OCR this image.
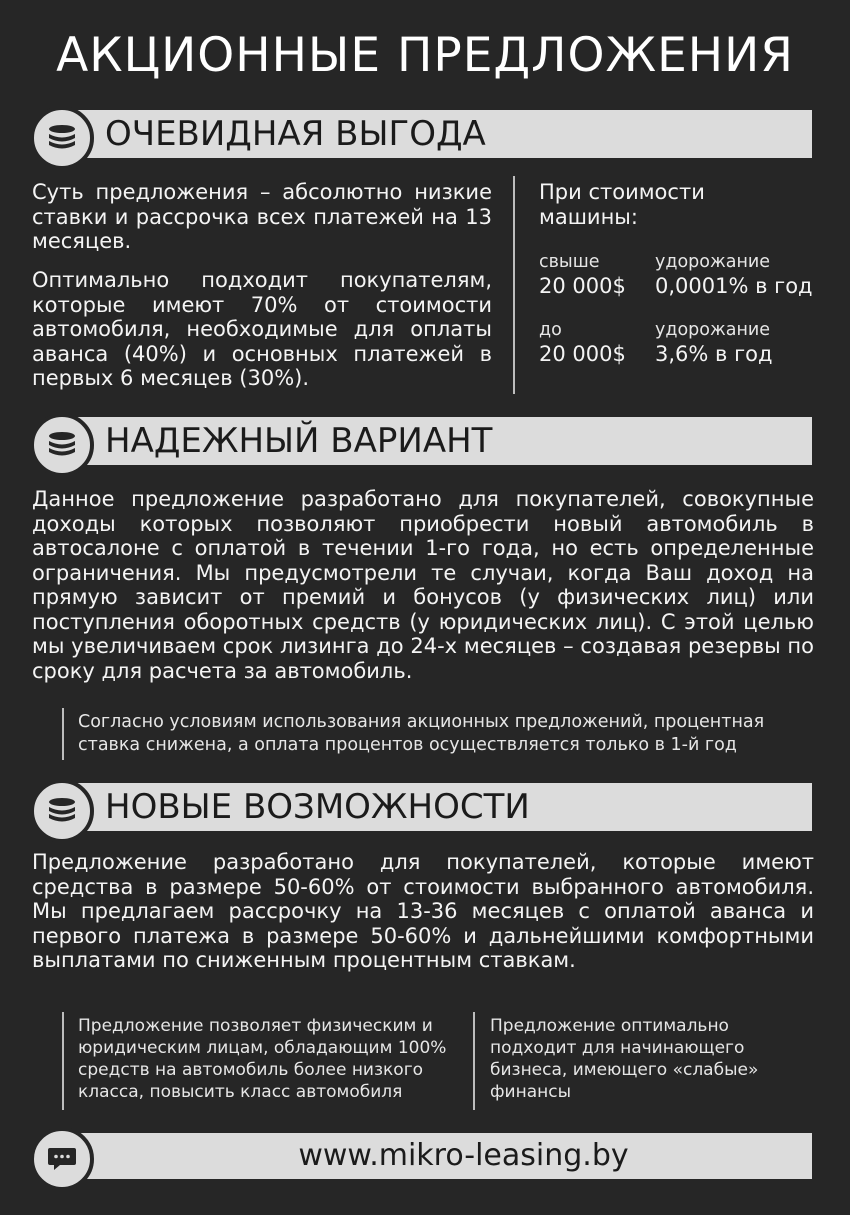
АКЦИОННЫЕ ПРЕДЛОЖЕНИЯ
ОЧЕВИДНАЯ ВЫГОДА

Суть предложения – абсолютно низкие ставки и рассрочка всех платежей на 13 месяцев.

Оптимально подходит покупателям, которые имеют 70% от стоимости автомобиля, необходимые для оплаты аванса (40%) и основных платежей в первых 6 месяцев (30%).

При стоимости машины:
свыше
20 000$
удорожание
0,0001% в год
до
20 000$
удорожание
3,6% в год
НАДЕЖНЫЙ ВАРИАНТ

Данное предложение разработано для покупателей, совокупные доходы которых позволяют приобрести новый автомобиль в автосалоне с оплатой в течении 1-го года, но есть определенные ограничения. Мы предусмотрели те случаи, когда Ваш доход на прямую зависит от премий и бонусов (у физических лиц) или поступления оборотных средств (у юридических лиц). С этой целью мы увеличиваем срок лизинга до 24-х месяцев – создавая резервы по сроку для расчета за автомобиль.

Согласно условиям использования акционных предложений, процентная ставка снижена, а оплата процентов осуществляется только в 1-й год

НОВЫЕ ВОЗМОЖНОСТИ

Предложение разработано для покупателей, которые имеют средства в размере 50-60% от стоимости выбранного автомобиля. Мы предлагаем рассрочку на 13-36 месяцев с оплатой аванса и первого платежа в размере 50-60% и дальнейшими комфортными выплатами по сниженным процентным ставкам.

Предложение позволяет физическим и юридическим лицам, обладающим 100% средств на автомобиль более низкого класса, повысить класс автомобиля

Предложение оптимально подходит для начинающего бизнеса, имеющего «слабые» финансы

www.mikro-leasing.by
